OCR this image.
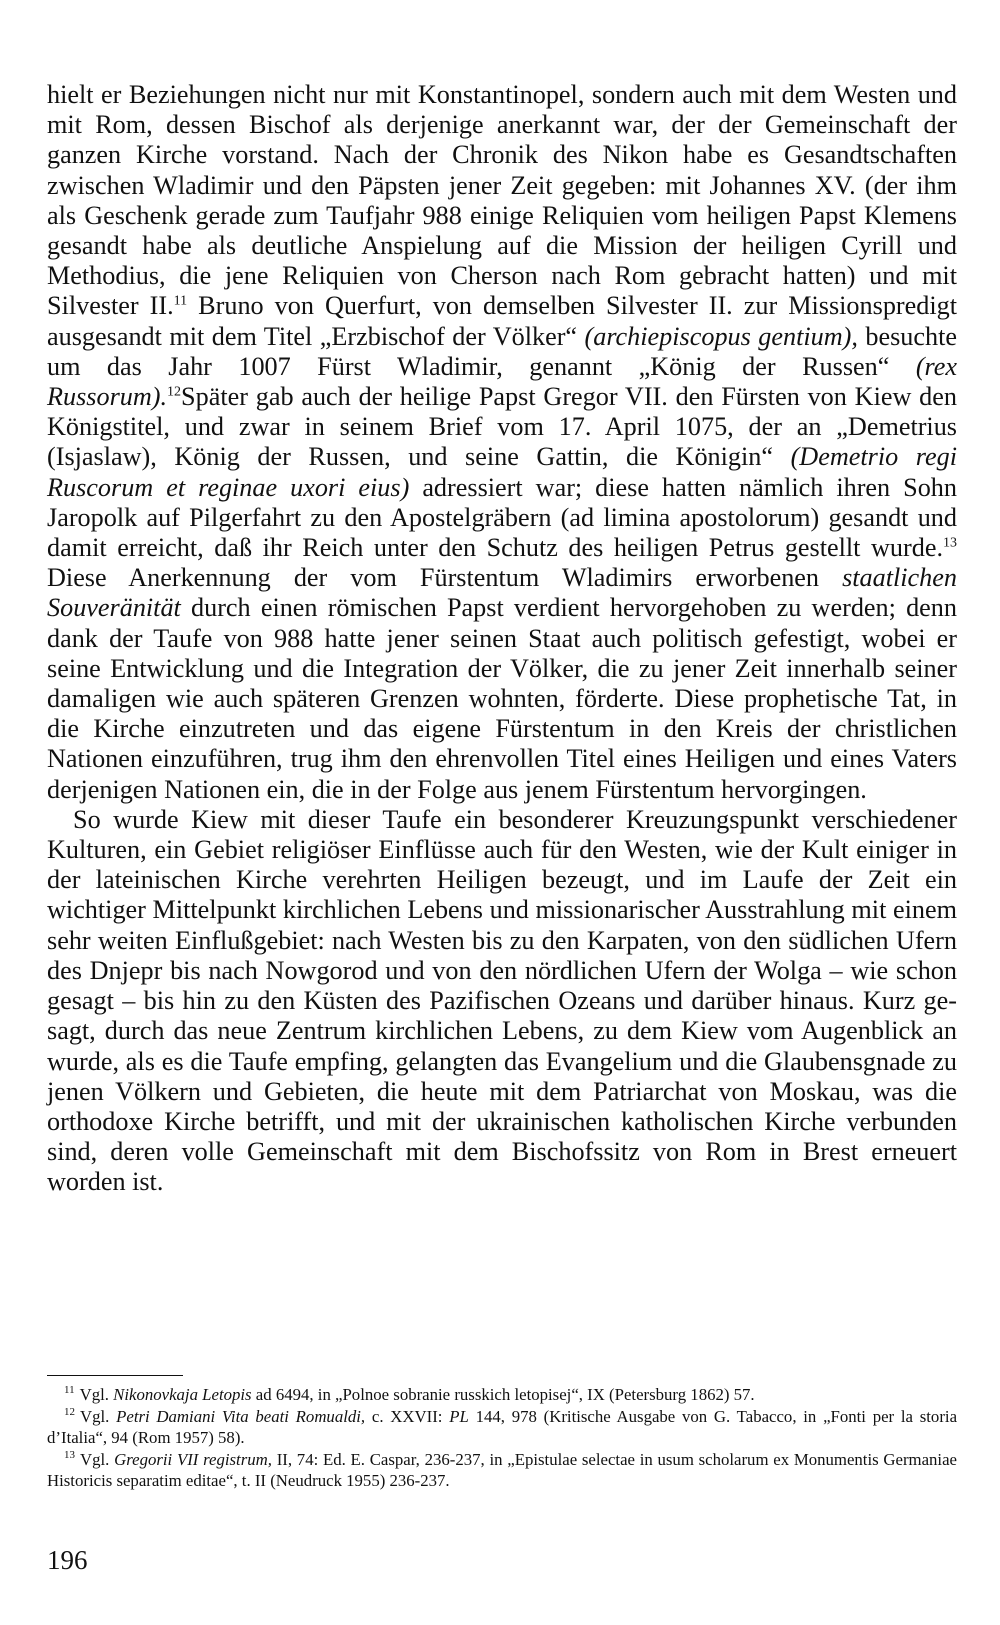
hielt er Beziehungen nicht nur mit Konstantinopel, sondern auch mit dem Westen und mit Rom, dessen Bischof als derjenige anerkannt war, der der Gemeinschaft der ganzen Kirche vorstand. Nach der Chronik des Nikon habe es Gesandtschaften zwischen Wladimir und den Päpsten jener Zeit gegeben: mit Johannes XV. (der ihm als Geschenk gerade zum Taufjahr 988 einige Reliquien vom heiligen Papst Klemens gesandt habe als deutliche Anspielung auf die Mission der heiligen Cyrill und Methodius, die jene Reliquien von Cherson nach Rom gebracht hatten) und mit Silvester II.$^{11}$ Bruno von Querfurt, von demselben Silvester II. zur Missionspredigt ausgesandt mit dem Titel „Erzbischof der Völker“ (archiepiscopus gentium), besuchte um das Jahr 1007 Fürst Wladimir, genannt „König der Russen“ (rex Russorum).$^{12}$Später gab auch der heilige Papst Gregor VII. den Fürsten von Kiew den Königstitel, und zwar in seinem Brief vom 17. April 1075, der an „Demetrius (Isjaslaw), König der Russen, und seine Gattin, die Königin“ (Demetrio regi Ruscorum et reginae uxori eius) adressiert war; diese hatten nämlich ihren Sohn Jaropolk auf Pilgerfahrt zu den Apostelgräbern (ad limina apostolorum) gesandt und damit erreicht, daß ihr Reich unter den Schutz des heiligen Petrus gestellt wurde.$^{13}$ Diese Anerkennung der vom Fürstentum Wladimirs erworbenen staatlichen Souveränität durch einen römischen Papst verdient hervorgehoben zu werden; denn dank der Taufe von 988 hatte jener seinen Staat auch politisch gefestigt, wobei er seine Entwicklung und die Integration der Völker, die zu jener Zeit innerhalb seiner damaligen wie auch späteren Grenzen wohnten, förderte. Diese prophetische Tat, in die Kirche einzutreten und das eigene Fürstentum in den Kreis der christlichen Nationen einzuführen, trug ihm den ehrenvollen Titel eines Heiligen und eines Vaters derjenigen Nationen ein, die in der Folge aus jenem Fürstentum hervorgingen.

So wurde Kiew mit dieser Taufe ein besonderer Kreuzungspunkt verschiedener Kulturen, ein Gebiet religiöser Einflüsse auch für den Westen, wie der Kult einiger in der lateinischen Kirche verehrten Heiligen bezeugt, und im Laufe der Zeit ein wichtiger Mittelpunkt kirchlichen Lebens und missionarischer Ausstrahlung mit einem sehr weiten Einflußgebiet: nach Westen bis zu den Karpaten, von den südlichen Ufern des Dnjepr bis nach Nowgorod und von den nördlichen Ufern der Wolga – wie schon gesagt – bis hin zu den Küsten des Pazifischen Ozeans und darüber hinaus. Kurz gesagt, durch das neue Zentrum kirchlichen Lebens, zu dem Kiew vom Augenblick an wurde, als es die Taufe empfing, gelangten das Evangelium und die Glaubensgnade zu jenen Völkern und Gebieten, die heute mit dem Patriarchat von Moskau, was die orthodoxe Kirche betrifft, und mit der ukrainischen katholischen Kirche verbunden sind, deren volle Gemeinschaft mit dem Bischofssitz von Rom in Brest erneuert worden ist.

$^{11}$ Vgl. Nikonovkaja Letopis ad 6494, in „Polnoe sobranie russkich letopisej“, IX (Petersburg 1862) 57.

$^{12}$ Vgl. Petri Damiani Vita beati Romualdi, c. XXVII: PL 144, 978 (Kritische Ausgabe von G. Tabacco, in „Fonti per la storia d’Italia“, 94 (Rom 1957) 58).

$^{13}$ Vgl. Gregorii VII registrum, II, 74: Ed. E. Caspar, 236-237, in „Epistulae selectae in usum scholarum ex Monumentis Germaniae Historicis separatim editae“, t. II (Neudruck 1955) 236-237.

196
